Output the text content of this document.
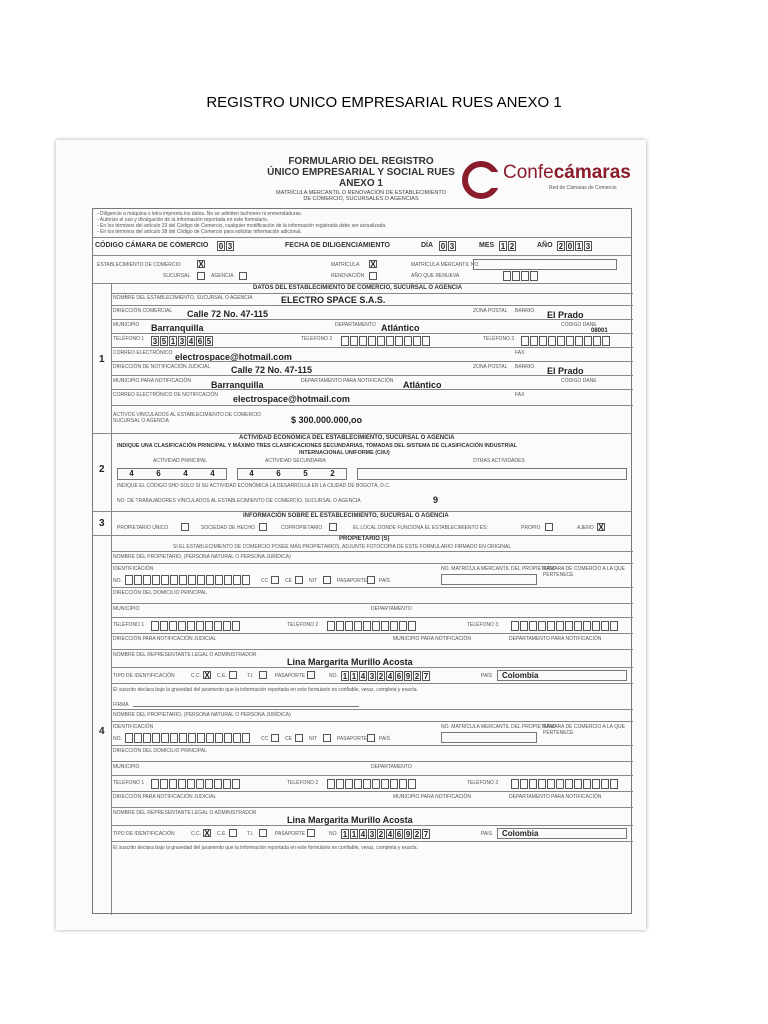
REGISTRO UNICO EMPRESARIAL RUES ANEXO 1
FORMULARIO DEL REGISTRO
ÚNICO EMPRESARIAL Y SOCIAL RUES
ANEXO 1
MATRÍCULA MERCANTIL O RENOVACIÓN DE ESTABLECIMIENTO
DE COMERCIO, SUCURSALES O AGENCIAS
Confecámaras
Red de Cámaras de Comercio
- Diligencie a máquina o letra imprenta los datos. No se admiten tachones ni enmendaduras.
- Autorizo el uso y divulgación de la información reportada en este formulario.
- En los términos del artículo 33 del Código de Comercio, cualquier modificación de la información registrada debe ser actualizada.
- En los términos del artículo 38 del Código de Comercio para solicitar información adicional.
CÓDIGO CÁMARA DE COMERCIO 0 3	FECHA DE DILIGENCIAMIENTO	DÍA 0 3	MES 1 2	AÑO 2 0 1 3
ESTABLECIMIENTO DE COMERCIO X
SUCURSAL	AGENCIA
MATRÍCULA X
RENOVACIÓN
MATRÍCULA MERCANTIL NO.
AÑO QUE RENUEVA
1
DATOS DEL ESTABLECIMIENTO DE COMERCIO, SUCURSAL O AGENCIA
NOMBRE DEL ESTABLECIMIENTO, SUCURSAL O AGENCIA	ELECTRO SPACE S.A.S.
DIRECCIÓN COMERCIAL Calle 72 No. 47-115	ZONA POSTAL BARRIO El Prado
MUNICIPIO Barranquilla	DEPARTAMENTO Atlántico	CÓDIGO DANE
08001
TELÉFONO 1 3 5 1 3 4 6 5	TELÉFONO 2	TELÉFONO 3
CORREO ELECTRÓNICO electrospace@hotmail.com	FAX
DIRECCIÓN DE NOTIFICACIÓN JUDICIAL Calle 72 No. 47-115	ZONA POSTAL BARRIO El Prado
MUNICIPIO PARA NOTIFICACIÓN Barranquilla	DEPARTAMENTO PARA NOTIFICACIÓN Atlántico	CÓDIGO DANE
CORREO ELECTRÓNICO DE NOTIFICACIÓN electrospace@hotmail.com	FAX
ACTIVOS VINCULADOS AL ESTABLECIMIENTO DE COMERCIO SUCURSAL O AGENCIA	$ 300.000.000,oo
2
ACTIVIDAD ECONÓMICA DEL ESTABLECIMIENTO, SUCURSAL O AGENCIA
INDIQUE UNA CLASIFICACIÓN PRINCIPAL Y MÁXIMO TRES CLASIFICACIONES SECUNDARIAS, TOMADAS DEL SISTEMA DE CLASIFICACIÓN INDUSTRIAL
INTERNACIONAL UNIFORME (CIIU)
ACTIVIDAD PRINCIPAL	ACTIVIDAD SECUNDARIA	OTRAS ACTIVIDADES
4	6	4	4	4	6	5	2
INDIQUE EL CÓDIGO SHD SOLO SI SU ACTIVIDAD ECONÓMICA LA DESARROLLA EN LA CIUDAD DE BOGOTÁ, D.C.
NO. DE TRABAJADORES VINCULADOS AL ESTABLECIMIENTO DE COMERCIO, SUCURSAL O AGENCIA	9
3
INFORMACIÓN SOBRE EL ESTABLECIMIENTO, SUCURSAL O AGENCIA
PROPIETARIO ÚNICO	SOCIEDAD DE HECHO	COPROPIETARIO	EL LOCAL DONDE FUNCIONA EL ESTABLECIMIENTO ES:	PROPIO	AJENO X
4
PROPIETARIO (S)
SI EL ESTABLECIMIENTO DE COMERCIO POSEE MÁS PROPIETARIOS, ADJUNTE FOTOCOPIA DE ESTE FORMULARIO FIRMADO EN ORIGINAL
NOMBRE DEL PROPIETARIO, (PERSONA NATURAL O PERSONA JURÍDICA)
IDENTIFICACIÓN
NO.	CC	CE	NIT	PASAPORTE PAÍS
NO. MATRÍCULA MERCANTIL DEL PROPIETARIO
CÁMARA DE COMERCIO A LA QUE PERTENECE
DIRECCIÓN DEL DOMICILIO PRINCIPAL
MUNICIPIO	DEPARTAMENTO
TELÉFONO 1	TELÉFONO 2	TELÉFONO 3
DIRECCIÓN PARA NOTIFICACIÓN JUDICIAL	MUNICIPIO PARA NOTIFICACIÓN	DEPARTAMENTO PARA NOTIFICACIÓN
NOMBRE DEL REPRESENTANTE LEGAL O ADMINISTRADOR
Lina Margarita Murillo Acosta
TIPO DE IDENTIFICACIÓN	C.C. X C.E.	T.I.	PASAPORTE	NO. 1 1 4 3 2 4 6 9 2 7	PAÍS	Colombia
El suscrito declara bajo la gravedad del juramento que la información reportada en este formulario es confiable, veraz, completa y exacta.
FIRMA
NOMBRE DEL PROPIETARIO, (PERSONA NATURAL O PERSONA JURÍDICA)
IDENTIFICACIÓN
NO.	CC	CE	NIT	PASAPORTE PAÍS
NO. MATRÍCULA MERCANTIL DEL PROPIETARIO
CÁMARA DE COMERCIO A LA QUE PERTENECE
DIRECCIÓN DEL DOMICILIO PRINCIPAL
MUNICIPIO	DEPARTAMENTO
TELÉFONO 1	TELÉFONO 2	TELÉFONO 3
DIRECCIÓN PARA NOTIFICACIÓN JUDICIAL	MUNICIPIO PARA NOTIFICACIÓN	DEPARTAMENTO PARA NOTIFICACIÓN
NOMBRE DEL REPRESENTANTE LEGAL O ADMINISTRADOR
Lina Margarita Murillo Acosta
TIPO DE IDENTIFICACIÓN	C.C. X C.E.	T.I.	PASAPORTE	NO. 1 1 4 3 2 4 6 9 2 7	PAÍS	Colombia
El suscrito declara bajo la gravedad del juramento que la información reportada en este formulario es confiable, veraz, completa y exacta.
